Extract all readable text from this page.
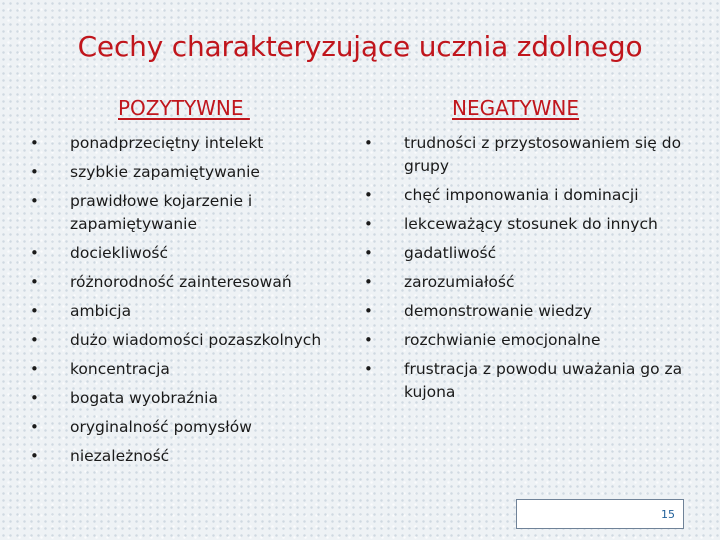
Cechy charakteryzujące ucznia zdolnego
POZYTYWNE	NEGATYWNE
• ponadprzeciętny intelekt
• szybkie zapamiętywanie
• prawidłowe kojarzenie i zapamiętywanie
• dociekliwość
• różnorodność zainteresowań
• ambicja
• dużo wiadomości pozaszkolnych
• koncentracja
• bogata wyobraźnia
• oryginalność pomysłów
• niezależność
• trudności z przystosowaniem się do grupy
• chęć imponowania i dominacji
• lekceważący stosunek do innych
• gadatliwość
• zarozumiałość
• demonstrowanie wiedzy
• rozchwianie emocjonalne
• frustracja z powodu uważania go za kujona
15
